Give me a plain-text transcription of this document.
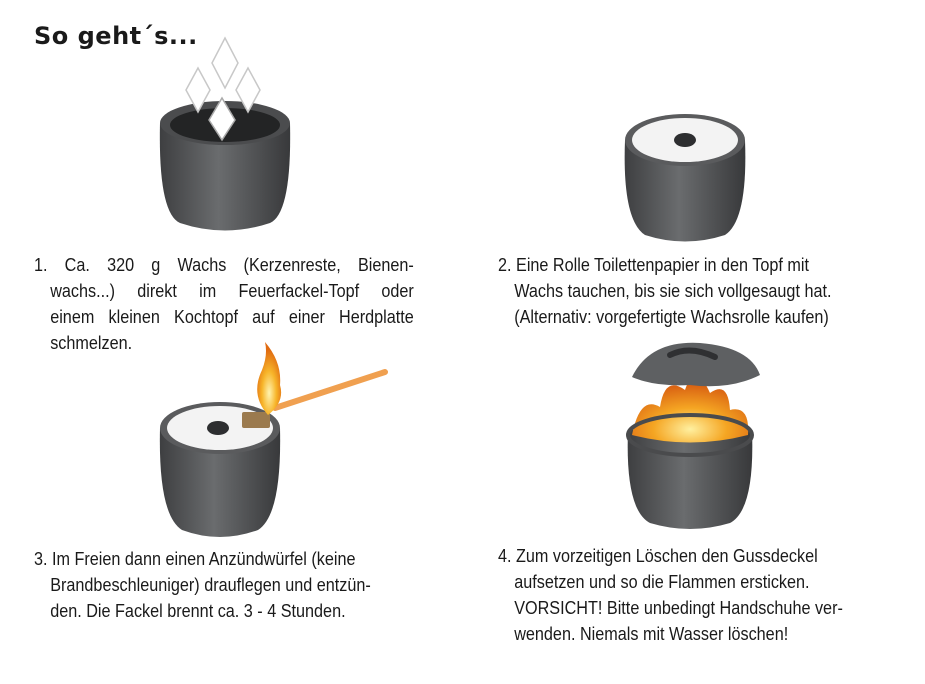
So geht´s...
1. Ca. 320 g Wachs (Kerzenreste, Bienen-
wachs...) direkt im Feuerfackel-Topf oder
einem kleinen Kochtopf auf einer Herdplatte
schmelzen.
2. Eine Rolle Toilettenpapier in den Topf mit
Wachs tauchen, bis sie sich vollgesaugt hat.
(Alternativ: vorgefertigte Wachsrolle kaufen)
3. Im Freien dann einen Anzündwürfel (keine
Brandbeschleuniger) drauflegen und entzün-
den. Die Fackel brennt ca. 3 - 4 Stunden.
4. Zum vorzeitigen Löschen den Gussdeckel
aufsetzen und so die Flammen ersticken.
VORSICHT! Bitte unbedingt Handschuhe ver-
wenden. Niemals mit Wasser löschen!
